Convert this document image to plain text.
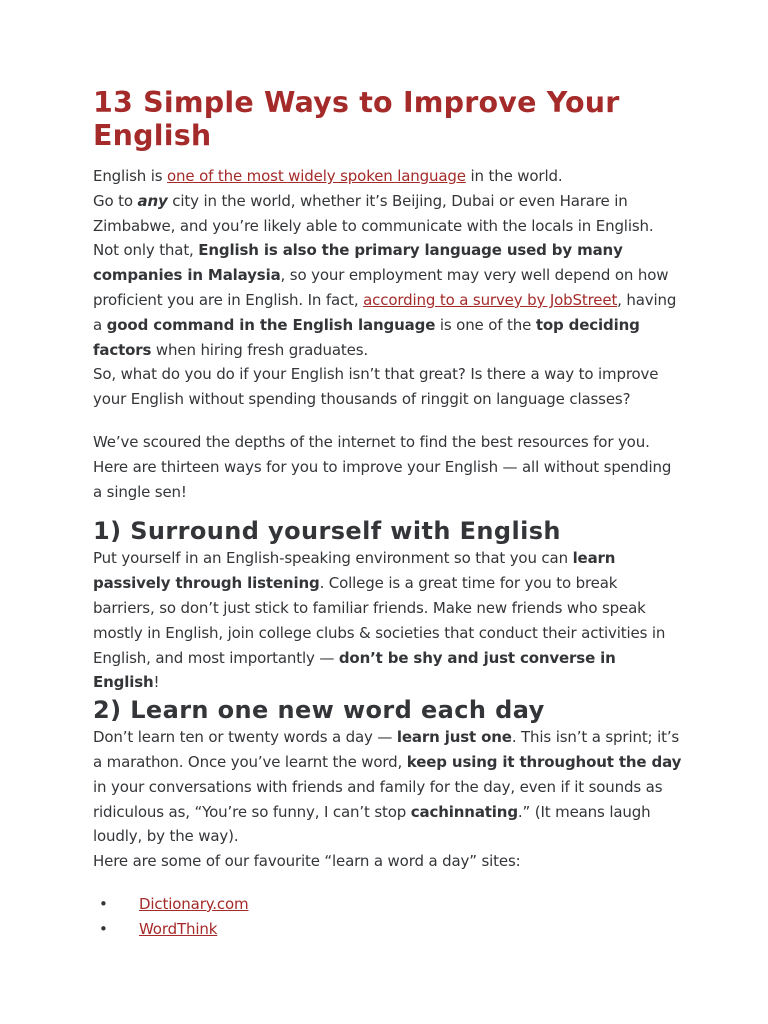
13 Simple Ways to Improve Your English

English is one of the most widely spoken language in the world.

Go to any city in the world, whether it’s Beijing, Dubai or even Harare in Zimbabwe, and you’re likely able to communicate with the locals in English.

Not only that, English is also the primary language used by many companies in Malaysia, so your employment may very well depend on how proficient you are in English. In fact, according to a survey by JobStreet, having a good command in the English language is one of the top deciding factors when hiring fresh graduates.

So, what do you do if your English isn’t that great? Is there a way to improve your English without spending thousands of ringgit on language classes?

We’ve scoured the depths of the internet to find the best resources for you. Here are thirteen ways for you to improve your English — all without spending a single sen!

1) Surround yourself with English

Put yourself in an English-speaking environment so that you can learn passively through listening. College is a great time for you to break barriers, so don’t just stick to familiar friends. Make new friends who speak mostly in English, join college clubs & societies that conduct their activities in English, and most importantly — don’t be shy and just converse in English!

2) Learn one new word each day

Don’t learn ten or twenty words a day — learn just one. This isn’t a sprint; it’s a marathon. Once you’ve learnt the word, keep using it throughout the day in your conversations with friends and family for the day, even if it sounds as ridiculous as, “You’re so funny, I can’t stop cachinnating.” (It means laugh loudly, by the way).

Here are some of our favourite “learn a word a day” sites:

• Dictionary.com
• WordThink
